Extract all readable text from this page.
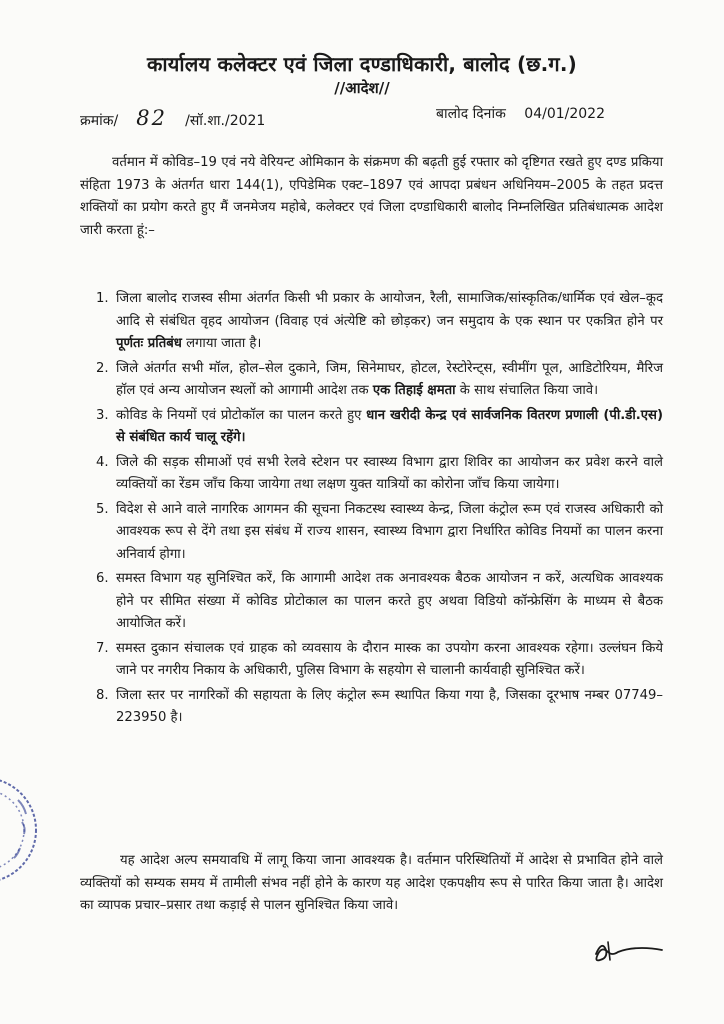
कार्यालय कलेक्टर एवं जिला दण्डाधिकारी, बालोद (छ.ग.)
//आदेश//
क्रमांक/ 82 /सॉ.शा./2021	बालोद दिनांक 04/01/2022

वर्तमान में कोविड–19 एवं नये वेरियन्ट ओमिकान के संक्रमण की बढ़ती हुई रफ्तार को दृष्टिगत रखते हुए दण्ड प्रकिया संहिता 1973 के अंतर्गत धारा 144(1), एपिडेमिक एक्ट–1897 एवं आपदा प्रबंधन अधिनियम–2005 के तहत प्रदत्त शक्तियों का प्रयोग करते हुए मैं जनमेजय महोबे, कलेक्टर एवं जिला दण्डाधिकारी बालोद निम्नलिखित प्रतिबंधात्मक आदेश जारी करता हूं:–

1. जिला बालोद राजस्व सीमा अंतर्गत किसी भी प्रकार के आयोजन, रैली, सामाजिक/सांस्कृतिक/धार्मिक एवं खेल–कूद आदि से संबंधित वृहद आयोजन (विवाह एवं अंत्येष्टि को छोड़कर) जन समुदाय के एक स्थान पर एकत्रित होने पर पूर्णतः प्रतिबंध लगाया जाता है।
2. जिले अंतर्गत सभी मॉल, होल–सेल दुकाने, जिम, सिनेमाघर, होटल, रेस्टोरेन्ट्स, स्वीमींग पूल, आडिटोरियम, मैरिज हॉल एवं अन्य आयोजन स्थलों को आगामी आदेश तक एक तिहाई क्षमता के साथ संचालित किया जावे।
3. कोविड के नियमों एवं प्रोटोकॉल का पालन करते हुए धान खरीदी केन्द्र एवं सार्वजनिक वितरण प्रणाली (पी.डी.एस) से संबंधित कार्य चालू रहेंगे।
4. जिले की सड़क सीमाओं एवं सभी रेलवे स्टेशन पर स्वास्थ्य विभाग द्वारा शिविर का आयोजन कर प्रवेश करने वाले व्यक्तियों का रेंडम जाँच किया जायेगा तथा लक्षण युक्त यात्रियों का कोरोना जाँच किया जायेगा।
5. विदेश से आने वाले नागरिक आगमन की सूचना निकटस्थ स्वास्थ्य केन्द्र, जिला कंट्रोल रूम एवं राजस्व अधिकारी को आवश्यक रूप से देंगे तथा इस संबंध में राज्य शासन, स्वास्थ्य विभाग द्वारा निर्धारित कोविड नियमों का पालन करना अनिवार्य होगा।
6. समस्त विभाग यह सुनिश्चित करें, कि आगामी आदेश तक अनावश्यक बैठक आयोजन न करें, अत्यधिक आवश्यक होने पर सीमित संख्या में कोविड प्रोटोकाल का पालन करते हुए अथवा विडियो कॉन्फ्रेसिंग के माध्यम से बैठक आयोजित करें।
7. समस्त दुकान संचालक एवं ग्राहक को व्यवसाय के दौरान मास्क का उपयोग करना आवश्यक रहेगा। उल्लंघन किये जाने पर नगरीय निकाय के अधिकारी, पुलिस विभाग के सहयोग से चालानी कार्यवाही सुनिश्चित करें।
8. जिला स्तर पर नागरिकों की सहायता के लिए कंट्रोल रूम स्थापित किया गया है, जिसका दूरभाष नम्बर 07749–223950 है।

यह आदेश अल्प समयावधि में लागू किया जाना आवश्यक है। वर्तमान परिस्थितियों में आदेश से प्रभावित होने वाले व्यक्तियों को सम्यक समय में तामीली संभव नहीं होने के कारण यह आदेश एकपक्षीय रूप से पारित किया जाता है। आदेश का व्यापक प्रचार–प्रसार तथा कड़ाई से पालन सुनिश्चित किया जावे।
